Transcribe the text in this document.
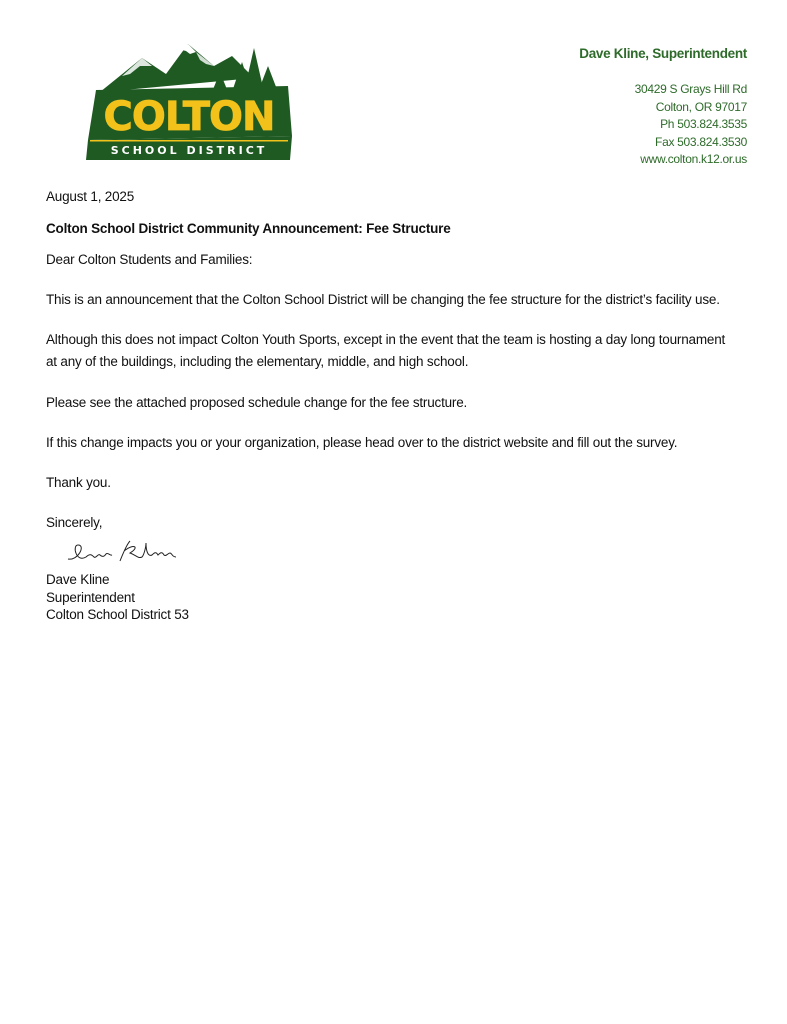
COLTON
SCHOOL DISTRICT
Dave Kline, Superintendent
30429 S Grays Hill Rd
Colton, OR 97017
Ph 503.824.3535
Fax 503.824.3530
www.colton.k12.or.us

August 1, 2025

Colton School District Community Announcement: Fee Structure

Dear Colton Students and Families:

This is an announcement that the Colton School District will be changing the fee structure for the district’s facility use.

Although this does not impact Colton Youth Sports, except in the event that the team is hosting a day long tournament at any of the buildings, including the elementary, middle, and high school.

Please see the attached proposed schedule change for the fee structure.

If this change impacts you or your organization, please head over to the district website and fill out the survey.

Thank you.

Sincerely,

Dave Kline

Superintendent

Colton School District 53
